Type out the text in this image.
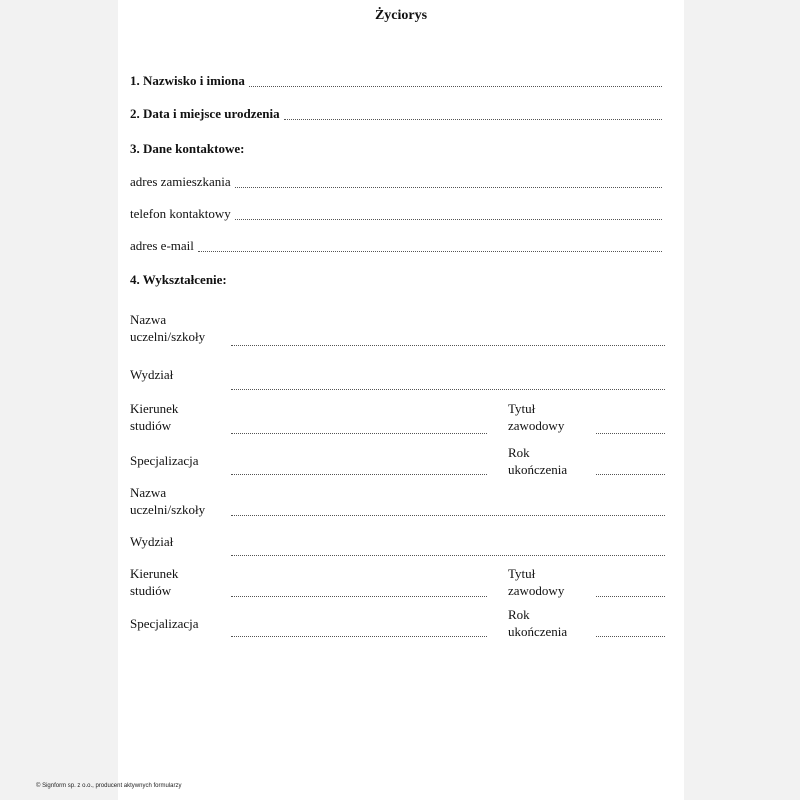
Życiorys
1. Nazwisko i imiona
2. Data i miejsce urodzenia
3. Dane kontaktowe:
adres zamieszkania
telefon kontaktowy
adres e-mail
4. Wykształcenie:
Nazwa
uczelni/szkoły
Wydział
Kierunek
studiów
Tytuł
zawodowy
Specjalizacja
Rok
ukończenia
Nazwa
uczelni/szkoły
Wydział
Kierunek
studiów
Tytuł
zawodowy
Specjalizacja
Rok
ukończenia
© Signform sp. z o.o., producent aktywnych formularzy
